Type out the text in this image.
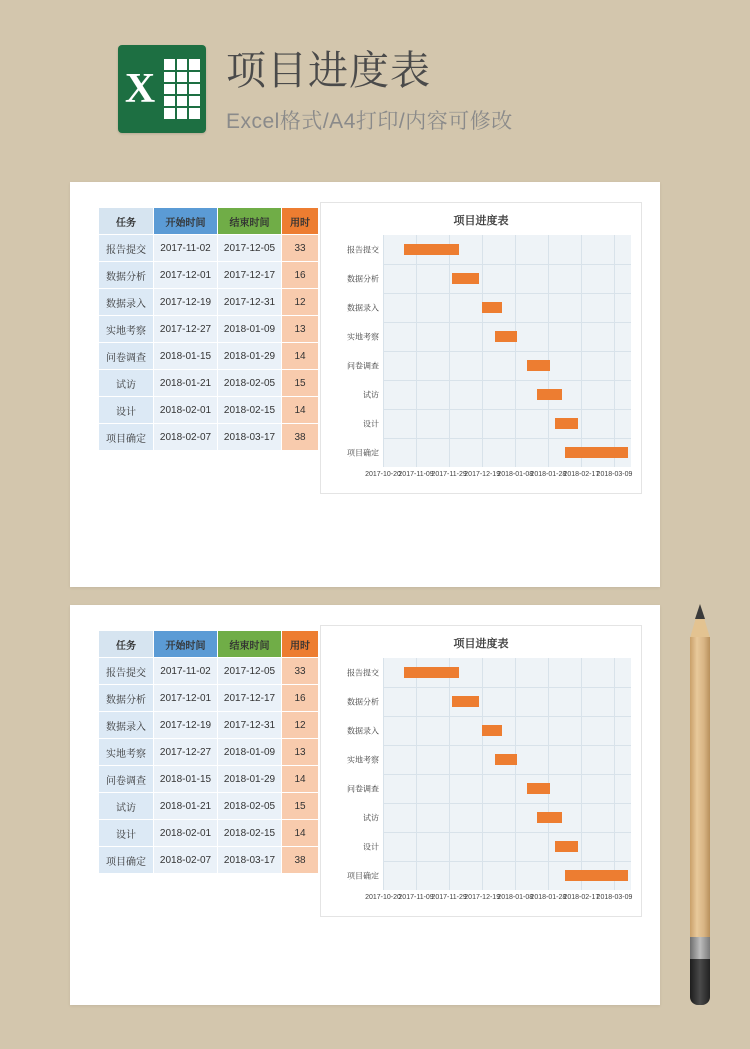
X 项目进度表
Excel格式/A4打印/内容可修改
任务	开始时间	结束时间	用时
报告提交	2017-11-02	2017-12-05	33
数据分析	2017-12-01	2017-12-17	16
数据录入	2017-12-19	2017-12-31	12
实地考察	2017-12-27	2018-01-09	13
问卷调查	2018-01-15	2018-01-29	14
试访	2018-01-21	2018-02-05	15
设计	2018-02-01	2018-02-15	14
项目确定	2018-02-07	2018-03-17	38
项目进度表
2017-10-20
2017-11-09
2017-11-29
2017-12-19
2018-01-08
2018-01-28
2018-02-17
2018-03-09
报告提交
数据分析
数据录入
实地考察
问卷调查
试访
设计
项目确定
任务	开始时间	结束时间	用时
报告提交	2017-11-02	2017-12-05	33
数据分析	2017-12-01	2017-12-17	16
数据录入	2017-12-19	2017-12-31	12
实地考察	2017-12-27	2018-01-09	13
问卷调查	2018-01-15	2018-01-29	14
试访	2018-01-21	2018-02-05	15
设计	2018-02-01	2018-02-15	14
项目确定	2018-02-07	2018-03-17	38
项目进度表
2017-10-20
2017-11-09
2017-11-29
2017-12-19
2018-01-08
2018-01-28
2018-02-17
2018-03-09
报告提交
数据分析
数据录入
实地考察
问卷调查
试访
设计
项目确定
